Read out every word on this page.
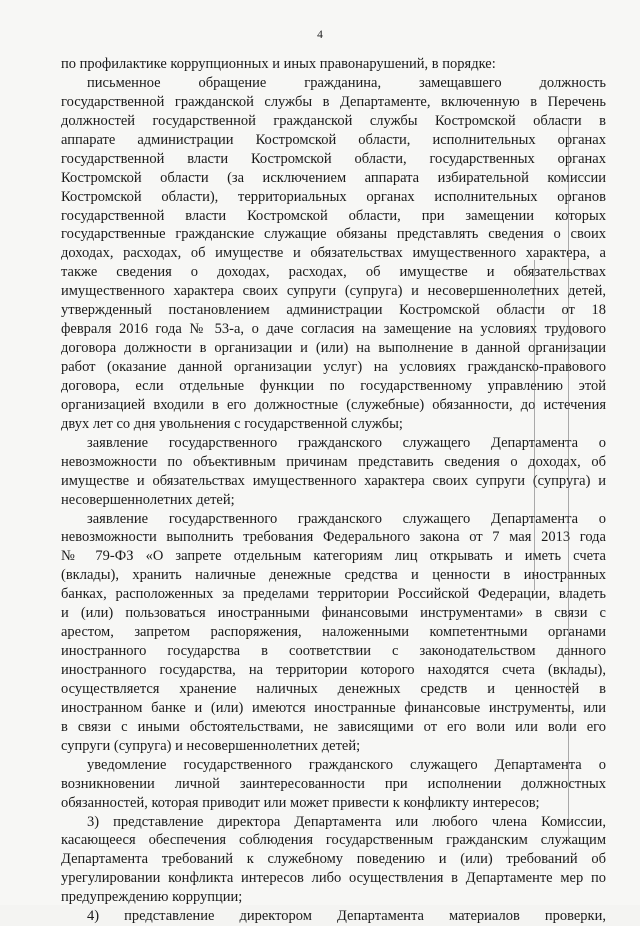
4
по профилактике коррупционных и иных правонарушений, в порядке:
письменное обращение гражданина, замещавшего должность
государственной гражданской службы в Департаменте, включенную в Перечень
должностей государственной гражданской службы Костромской области в
аппарате администрации Костромской области, исполнительных органах
государственной власти Костромской области, государственных органах
Костромской области (за исключением аппарата избирательной комиссии
Костромской области), территориальных органах исполнительных органов
государственной власти Костромской области, при замещении которых
государственные гражданские служащие обязаны представлять сведения о своих
доходах, расходах, об имуществе и обязательствах имущественного характера, а
также сведения о доходах, расходах, об имуществе и обязательствах
имущественного характера своих супруги (супруга) и несовершеннолетних детей,
утвержденный постановлением администрации Костромской области от 18
февраля 2016 года № 53-а, о даче согласия на замещение на условиях трудового
договора должности в организации и (или) на выполнение в данной организации
работ (оказание данной организации услуг) на условиях гражданско-правового
договора, если отдельные функции по государственному управлению этой
организацией входили в его должностные (служебные) обязанности, до истечения
двух лет со дня увольнения с государственной службы;
заявление государственного гражданского служащего Департамента о
невозможности по объективным причинам представить сведения о доходах, об
имуществе и обязательствах имущественного характера своих супруги (супруга) и
несовершеннолетних детей;
заявление государственного гражданского служащего Департамента о
невозможности выполнить требования Федерального закона от 7 мая 2013 года
№ 79-ФЗ «О запрете отдельным категориям лиц открывать и иметь счета
(вклады), хранить наличные денежные средства и ценности в иностранных
банках, расположенных за пределами территории Российской Федерации, владеть
и (или) пользоваться иностранными финансовыми инструментами» в связи с
арестом, запретом распоряжения, наложенными компетентными органами
иностранного государства в соответствии с законодательством данного
иностранного государства, на территории которого находятся счета (вклады),
осуществляется хранение наличных денежных средств и ценностей в
иностранном банке и (или) имеются иностранные финансовые инструменты, или
в связи с иными обстоятельствами, не зависящими от его воли или воли его
супруги (супруга) и несовершеннолетних детей;
уведомление государственного гражданского служащего Департамента о
возникновении личной заинтересованности при исполнении должностных
обязанностей, которая приводит или может привести к конфликту интересов;
3) представление директора Департамента или любого члена Комиссии,
касающееся обеспечения соблюдения государственным гражданским служащим
Департамента требований к служебному поведению и (или) требований об
урегулировании конфликта интересов либо осуществления в Департаменте мер по
предупреждению коррупции;
4) представление директором Департамента материалов проверки,
